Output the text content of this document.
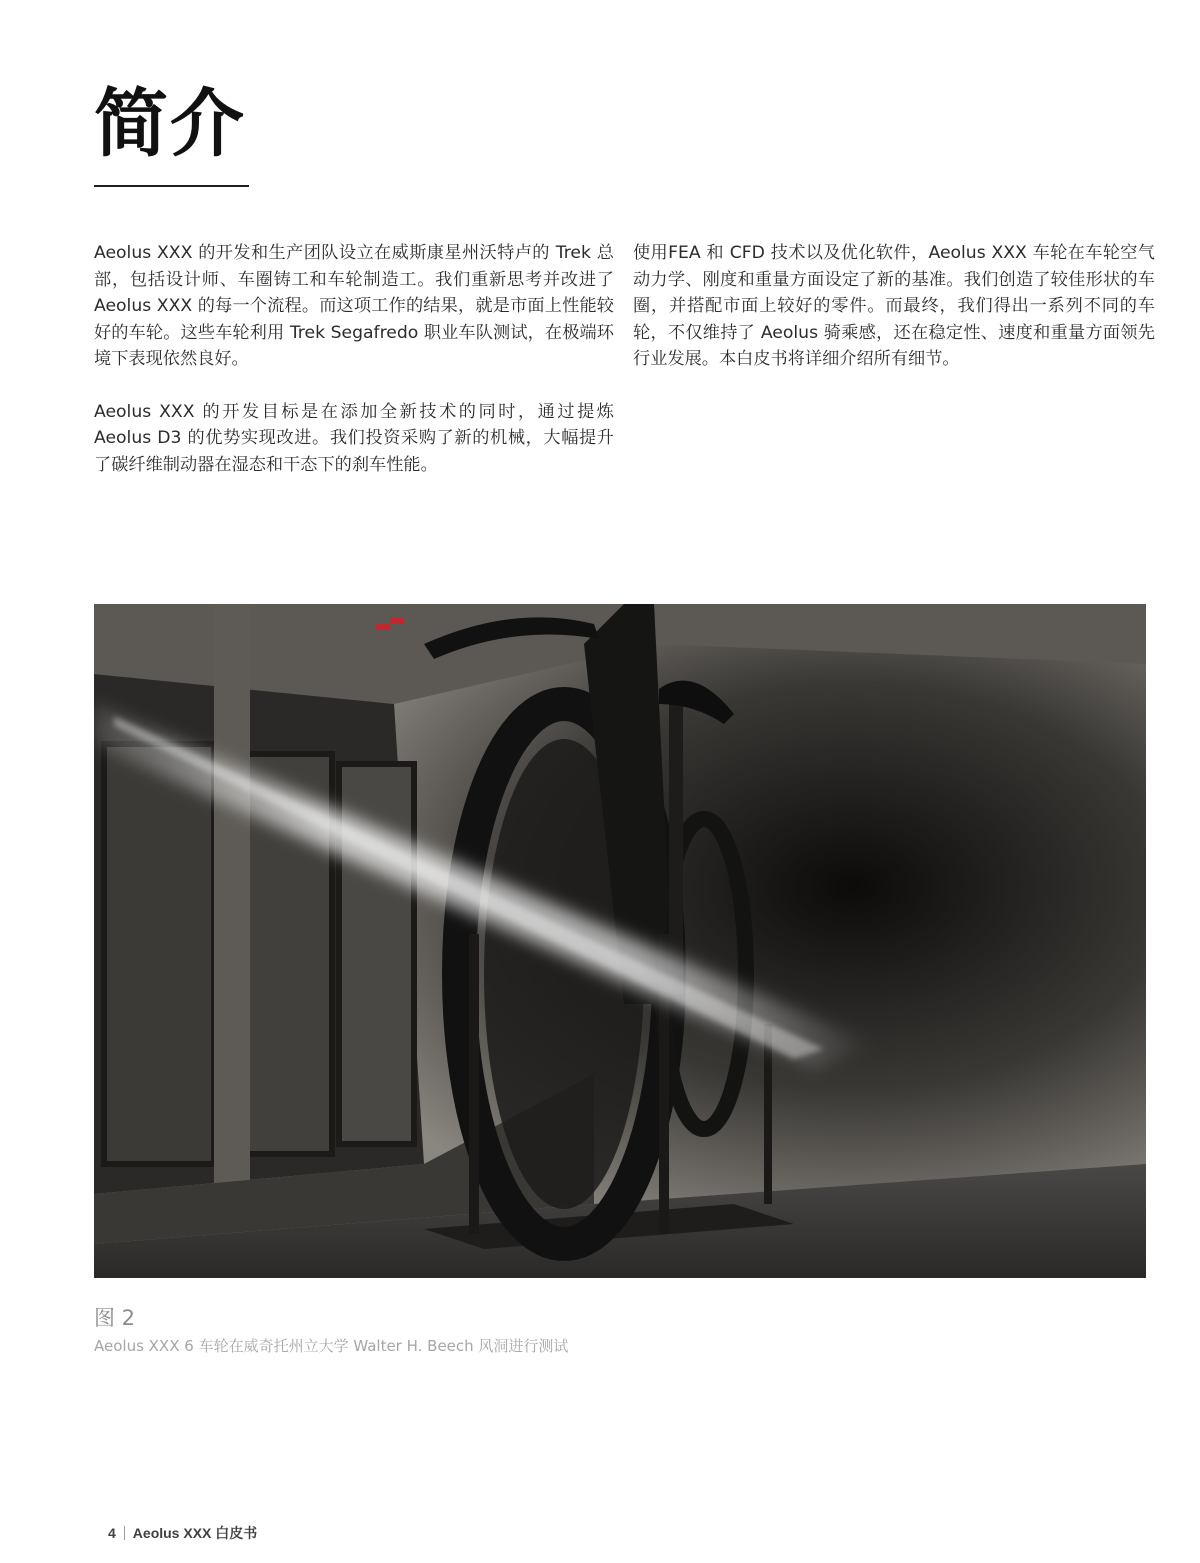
简介

Aeolus XXX 的开发和生产团队设立在威斯康星州沃特卢的 Trek 总部，包括设计师、车圈铸工和车轮制造工。我们重新思考并改进了 Aeolus XXX 的每一个流程。而这项工作的结果，就是市面上性能较好的车轮。这些车轮利用 Trek Segafredo 职业车队测试，在极端环境下表现依然良好。

Aeolus XXX 的开发目标是在添加全新技术的同时，通过提炼 Aeolus D3 的优势实现改进。我们投资采购了新的机械，大幅提升了碳纤维制动器在湿态和干态下的刹车性能。

使用FEA 和 CFD 技术以及优化软件，Aeolus XXX 车轮在车轮空气动力学、刚度和重量方面设定了新的基准。我们创造了较佳形状的车圈，并搭配市面上较好的零件。而最终，我们得出一系列不同的车轮，不仅维持了 Aeolus 骑乘感，还在稳定性、速度和重量方面领先行业发展。本白皮书将详细介绍所有细节。

图 2

Aeolus XXX 6 车轮在威奇托州立大学 Walter H. Beech 风洞进行测试

4 Aeolus XXX 白皮书
